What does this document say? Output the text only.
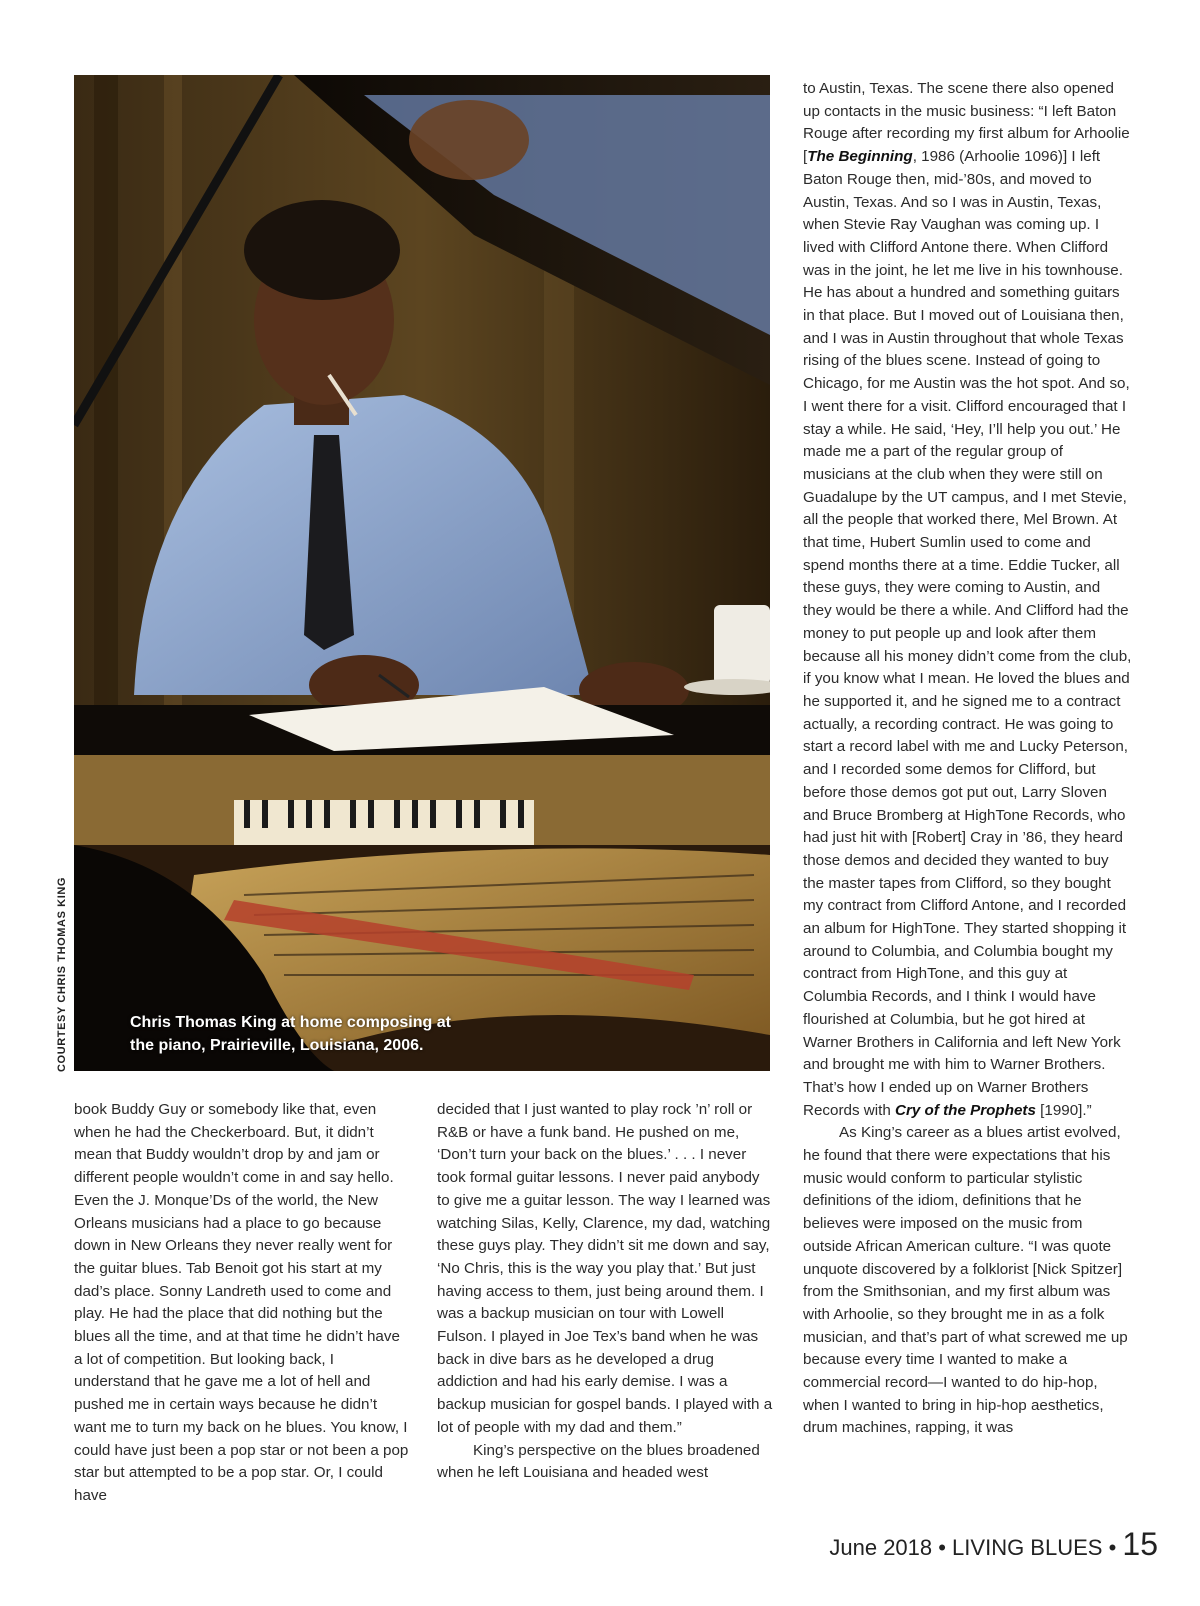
Chris Thomas King at home composing at
the piano, Prairieville, Louisiana, 2006.
COURTESY CHRIS THOMAS KING

to Austin, Texas. The scene there also opened up contacts in the music business: “I left Baton Rouge after recording my first album for Arhoolie [The Beginning, 1986 (Arhoolie 1096)] I left Baton Rouge then, mid-’80s, and moved to Austin, Texas. And so I was in Austin, Texas, when Stevie Ray Vaughan was coming up. I lived with Clifford Antone there. When Clifford was in the joint, he let me live in his townhouse. He has about a hundred and something guitars in that place. But I moved out of Louisiana then, and I was in Austin throughout that whole Texas rising of the blues scene. Instead of going to Chicago, for me Austin was the hot spot. And so, I went there for a visit. Clifford encouraged that I stay a while. He said, ‘Hey, I’ll help you out.’ He made me a part of the regular group of musicians at the club when they were still on Guadalupe by the UT campus, and I met Stevie, all the people that worked there, Mel Brown. At that time, Hubert Sumlin used to come and spend months there at a time. Eddie Tucker, all these guys, they were coming to Austin, and they would be there a while. And Clifford had the money to put people up and look after them because all his money didn’t come from the club, if you know what I mean. He loved the blues and he supported it, and he signed me to a contract actually, a recording contract. He was going to start a record label with me and Lucky Peterson, and I recorded some demos for Clifford, but before those demos got put out, Larry Sloven and Bruce Bromberg at HighTone Records, who had just hit with [Robert] Cray in ’86, they heard those demos and decided they wanted to buy the master tapes from Clifford, so they bought my contract from Clifford Antone, and I recorded an album for HighTone. They started shopping it around to Columbia, and Columbia bought my contract from HighTone, and this guy at Columbia Records, and I think I would have flourished at Columbia, but he got hired at Warner Brothers in California and left New York and brought me with him to Warner Brothers. That’s how I ended up on Warner Brothers Records with Cry of the Prophets [1990].”

As King’s career as a blues artist evolved, he found that there were expectations that his music would conform to particular stylistic definitions of the idiom, definitions that he believes were imposed on the music from outside African American culture. “I was quote unquote discovered by a folklorist [Nick Spitzer] from the Smithsonian, and my first album was with Arhoolie, so they brought me in as a folk musician, and that’s part of what screwed me up because every time I wanted to make a commercial record—I wanted to do hip-hop, when I wanted to bring in hip-hop aesthetics, drum machines, rapping, it was

book Buddy Guy or somebody like that, even when he had the Checkerboard. But, it didn’t mean that Buddy wouldn’t drop by and jam or different people wouldn’t come in and say hello. Even the J. Monque’Ds of the world, the New Orleans musicians had a place to go because down in New Orleans they never really went for the guitar blues. Tab Benoit got his start at my dad’s place. Sonny Landreth used to come and play. He had the place that did nothing but the blues all the time, and at that time he didn’t have a lot of competition. But looking back, I understand that he gave me a lot of hell and pushed me in certain ways because he didn’t want me to turn my back on he blues. You know, I could have just been a pop star or not been a pop star but attempted to be a pop star. Or, I could have

decided that I just wanted to play rock ’n’ roll or R&B or have a funk band. He pushed on me, ‘Don’t turn your back on the blues.’ . . . I never took formal guitar lessons. I never paid anybody to give me a guitar lesson. The way I learned was watching Silas, Kelly, Clarence, my dad, watching these guys play. They didn’t sit me down and say, ‘No Chris, this is the way you play that.’ But just having access to them, just being around them. I was a backup musician on tour with Lowell Fulson. I played in Joe Tex’s band when he was back in dive bars as he developed a drug addiction and had his early demise. I was a backup musician for gospel bands. I played with a lot of people with my dad and them.”

King’s perspective on the blues broadened when he left Louisiana and headed west

June 2018 • LIVING BLUES • 15
